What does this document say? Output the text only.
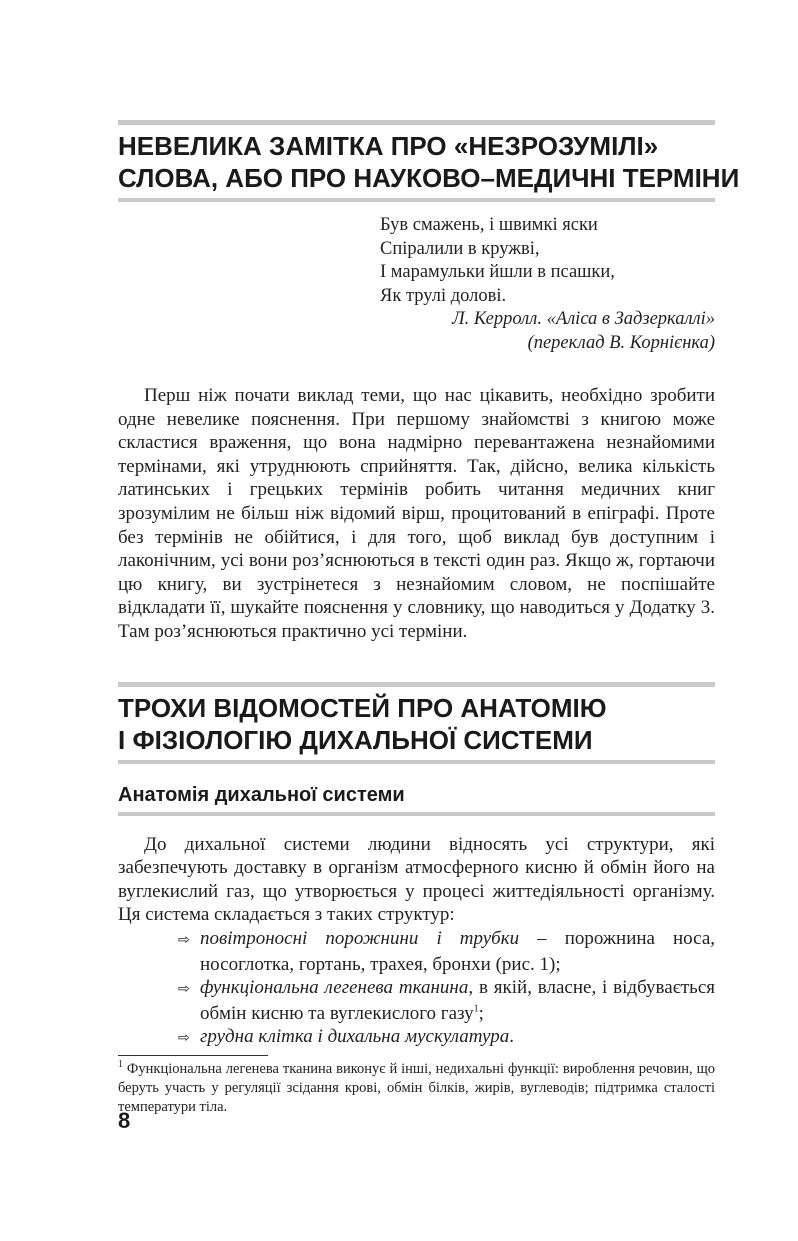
НЕВЕЛИКА ЗАМІТКА ПРО «НЕЗРОЗУМІЛІ»
СЛОВА, АБО ПРО НАУКОВО–МЕДИЧНІ ТЕРМІНИ
Був смажень, і швимкі яски
Спіралили в кружві,
І марамульки йшли в псашки,
Як трулі долові.
Л. Керролл. «Аліса в Задзеркаллі»
(переклад В. Корнієнка)

Перш ніж почати виклад теми, що нас цікавить, необхідно зробити одне невелике пояснення. При першому знайомстві з книгою може скластися враження, що вона надмірно перевантажена незнайомими термінами, які утруднюють сприйняття. Так, дійсно, велика кількість латинських і грецьких термінів робить читання медичних книг зрозумілим не більш ніж відомий вірш, процитований в епіграфі. Проте без термінів не обійтися, і для того, щоб виклад був доступним і лаконічним, усі вони роз’яснюються в тексті один раз. Якщо ж, гортаючи цю книгу, ви зустрінетеся з незнайомим словом, не поспішайте відкладати її, шукайте пояснення у словнику, що наводиться у Додатку 3. Там роз’яснюються практично усі терміни.

ТРОХИ ВІДОМОСТЕЙ ПРО АНАТОМІЮ
І ФІЗІОЛОГІЮ ДИХАЛЬНОЇ СИСТЕМИ
Анатомія дихальної системи

До дихальної системи людини відносять усі структури, які забезпечують доставку в організм атмосферного кисню й обмін його на вуглекислий газ, що утворюється у процесі життедіяльності організму. Ця система складається з таких структур:

⇨ повітроносні порожнини і трубки – порожнина носа, носоглотка, гортань, трахея, бронхи (рис. 1);
⇨ функціональна легенева тканина, в якій, власне, і відбувається обмін кисню та вуглекислого газу$^1$;
⇨ грудна клітка і дихальна мускулатура.

$^1$ Функціональна легенева тканина виконує й інші, недихальні функції: вироблення речовин, що беруть участь у регуляції зсідання крові, обмін білків, жирів, вуглеводів; підтримка сталості температури тіла.

8
